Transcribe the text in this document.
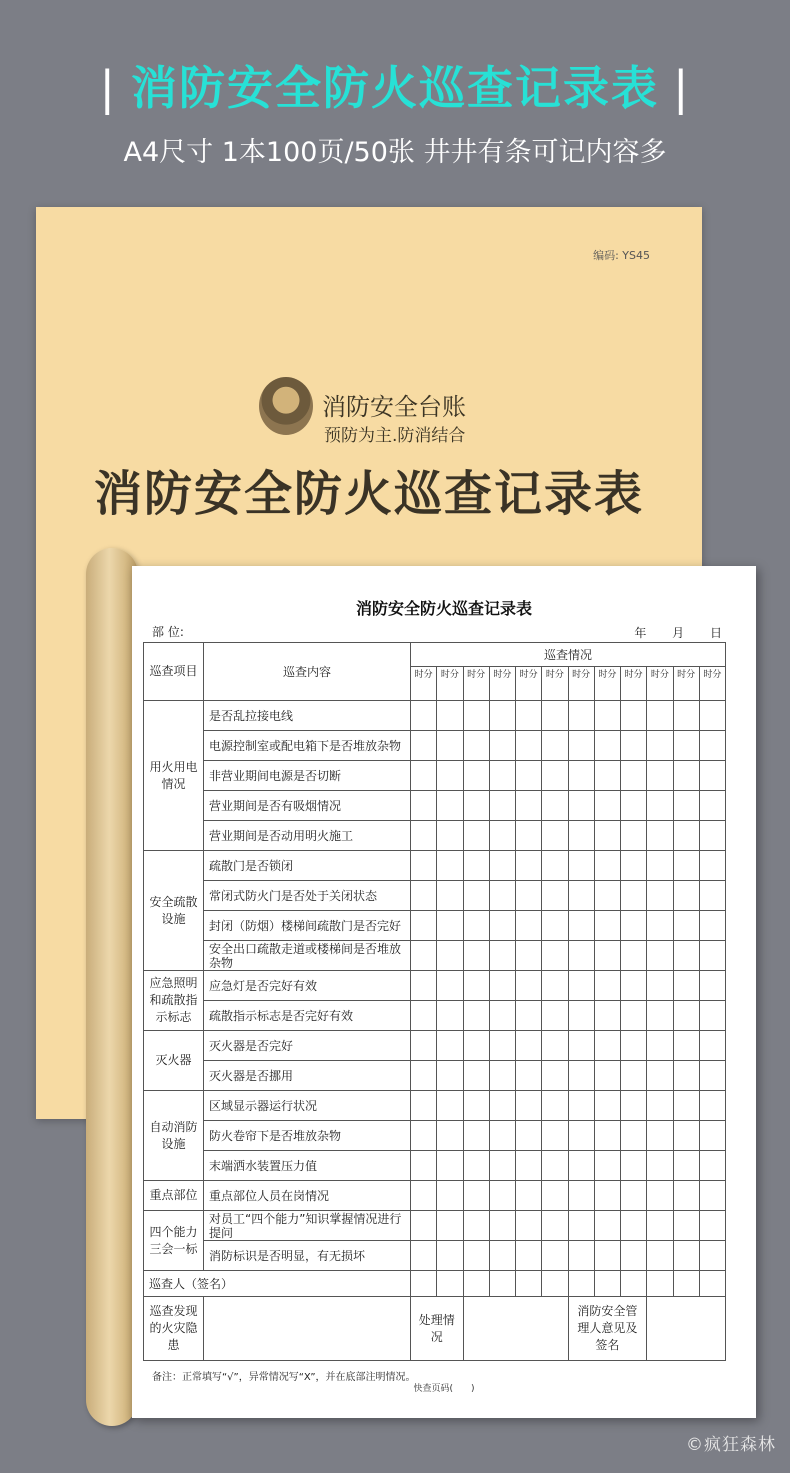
| 消防安全防火巡查记录表 |
A4尺寸 1本100页/50张 井井有条可记内容多
编码: YS45
消防安全台账
预防为主.防消结合
消防安全防火巡查记录表
消防安全防火巡查记录表
部 位:	年 月 日
巡查项目	巡查内容	巡查情况											
		时分	时分	时分	时分	时分	时分	时分	时分	时分	时分	时分	时分
用火用电情况	是否乱拉接电线												
	电源控制室或配电箱下是否堆放杂物												
	非营业期间电源是否切断												
	营业期间是否有吸烟情况												
	营业期间是否动用明火施工												
安全疏散设施	疏散门是否锁闭												
	常闭式防火门是否处于关闭状态												
	封闭（防烟）楼梯间疏散门是否完好												
	安全出口疏散走道或楼梯间是否堆放杂物												
应急照明和疏散指示标志	应急灯是否完好有效												
	疏散指示标志是否完好有效												
灭火器	灭火器是否完好												
	灭火器是否挪用												
自动消防设施	区域显示器运行状况												
	防火卷帘下是否堆放杂物												
	末端洒水装置压力值												
重点部位	重点部位人员在岗情况												
四个能力三会一标	对员工“四个能力”知识掌握情况进行提问												
	消防标识是否明显，有无损坏												
巡查人（签名）													
巡查发现的火灾隐患		处理情况						消防安全管理人意见及签名					
备注：正常填写“√”，异常情况写“X”，并在底部注明情况。
快查页码(　　)
©疯狂森林
